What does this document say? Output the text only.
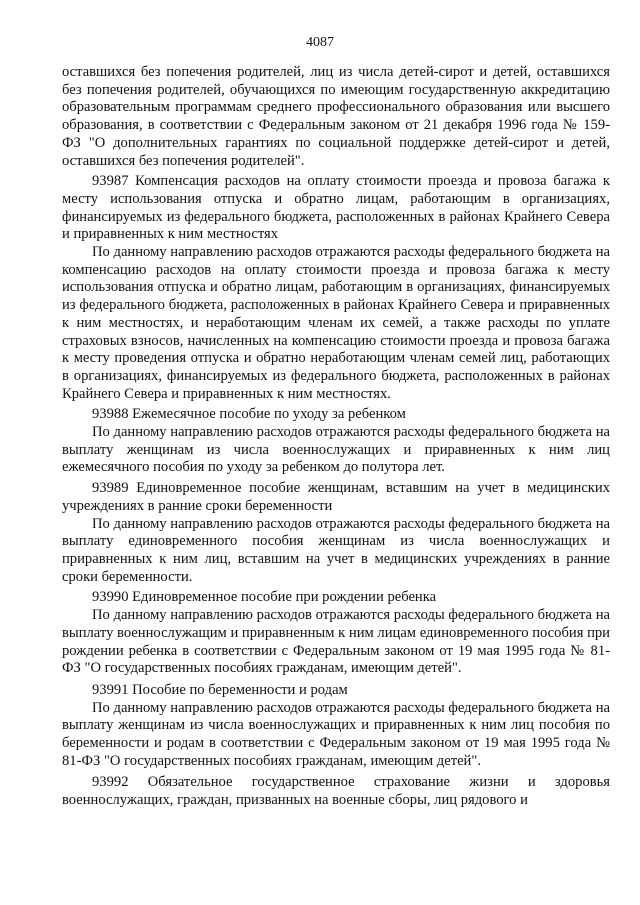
4087

оставшихся без попечения родителей, лиц из числа детей-сирот и детей, оставшихся без попечения родителей, обучающихся по имеющим государственную аккредитацию образовательным программам среднего профессионального образования или высшего образования, в соответствии с Федеральным законом от 21 декабря 1996 года № 159-ФЗ "О дополнительных гарантиях по социальной поддержке детей-сирот и детей, оставшихся без попечения родителей".

93987 Компенсация расходов на оплату стоимости проезда и провоза багажа к месту использования отпуска и обратно лицам, работающим в организациях, финансируемых из федерального бюджета, расположенных в районах Крайнего Севера и приравненных к ним местностях

По данному направлению расходов отражаются расходы федерального бюджета на компенсацию расходов на оплату стоимости проезда и провоза багажа к месту использования отпуска и обратно лицам, работающим в организациях, финансируемых из федерального бюджета, расположенных в районах Крайнего Севера и приравненных к ним местностях, и неработающим членам их семей, а также расходы по уплате страховых взносов, начисленных на компенсацию стоимости проезда и провоза багажа к месту проведения отпуска и обратно неработающим членам семей лиц, работающих в организациях, финансируемых из федерального бюджета, расположенных в районах Крайнего Севера и приравненных к ним местностях.

93988 Ежемесячное пособие по уходу за ребенком

По данному направлению расходов отражаются расходы федерального бюджета на выплату женщинам из числа военнослужащих и приравненных к ним лиц ежемесячного пособия по уходу за ребенком до полутора лет.

93989 Единовременное пособие женщинам, вставшим на учет в медицинских учреждениях в ранние сроки беременности

По данному направлению расходов отражаются расходы федерального бюджета на выплату единовременного пособия женщинам из числа военнослужащих и приравненных к ним лиц, вставшим на учет в медицинских учреждениях в ранние сроки беременности.

93990 Единовременное пособие при рождении ребенка

По данному направлению расходов отражаются расходы федерального бюджета на выплату военнослужащим и приравненным к ним лицам единовременного пособия при рождении ребенка в соответствии с Федеральным законом от 19 мая 1995 года № 81-ФЗ "О государственных пособиях гражданам, имеющим детей".

93991 Пособие по беременности и родам

По данному направлению расходов отражаются расходы федерального бюджета на выплату женщинам из числа военнослужащих и приравненных к ним лиц пособия по беременности и родам в соответствии с Федеральным законом от 19 мая 1995 года № 81-ФЗ "О государственных пособиях гражданам, имеющим детей".

93992 Обязательное государственное страхование жизни и здоровья военнослужащих, граждан, призванных на военные сборы, лиц рядового и
